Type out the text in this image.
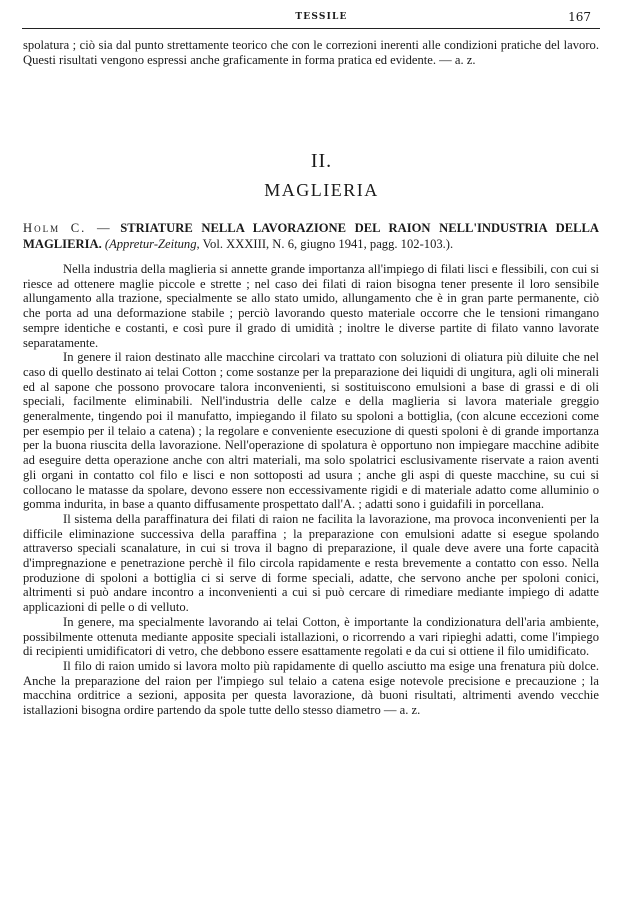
TESSILE	167

spolatura ; ciò sia dal punto strettamente teorico che con le correzioni inerenti alle condizioni pratiche del lavoro. Questi risultati vengono espressi anche graficamente in forma pratica ed evidente. — a. z.

II.
MAGLIERIA
Holm C. — STRIATURE NELLA LAVORAZIONE DEL RAION NELL'INDUSTRIA DELLA MAGLIERIA. (Appretur-Zeitung, Vol. XXXIII, N. 6, giugno 1941, pagg. 102-103.).

Nella industria della maglieria si annette grande importanza all'impiego di filati lisci e flessibili, con cui si riesce ad ottenere maglie piccole e strette ; nel caso dei filati di raion bisogna tener presente il loro sensibile allungamento alla trazione, specialmente se allo stato umido, allungamento che è in gran parte permanente, ciò che porta ad una deformazione stabile ; perciò lavorando questo materiale occorre che le tensioni rimangano sempre identiche e costanti, e così pure il grado di umidità ; inoltre le diverse partite di filato vanno lavorate separatamente.

In genere il raion destinato alle macchine circolari va trattato con soluzioni di oliatura più diluite che nel caso di quello destinato ai telai Cotton ; come sostanze per la preparazione dei liquidi di ungitura, agli oli minerali ed al sapone che possono provocare talora inconvenienti, si sostituiscono emulsioni a base di grassi e di oli speciali, facilmente eliminabili. Nell'industria delle calze e della maglieria si lavora materiale greggio generalmente, tingendo poi il manufatto, impiegando il filato su spoloni a bottiglia, (con alcune eccezioni come per esempio per il telaio a catena) ; la regolare e conveniente esecuzione di questi spoloni è di grande importanza per la buona riuscita della lavorazione. Nell'operazione di spolatura è opportuno non impiegare macchine adibite ad eseguire detta operazione anche con altri materiali, ma solo spolatrici esclusivamente riservate a raion aventi gli organi in contatto col filo e lisci e non sottoposti ad usura ; anche gli aspi di queste macchine, su cui si collocano le matasse da spolare, devono essere non eccessivamente rigidi e di materiale adatto come alluminio o gomma indurita, in base a quanto diffusamente prospettato dall'A. ; adatti sono i guidafili in porcellana.

Il sistema della paraffinatura dei filati di raion ne facilita la lavorazione, ma provoca inconvenienti per la difficile eliminazione successiva della paraffina ; la preparazione con emulsioni adatte si esegue spolando attraverso speciali scanalature, in cui si trova il bagno di preparazione, il quale deve avere una forte capacità d'impregnazione e penetrazione perchè il filo circola rapidamente e resta brevemente a contatto con esso. Nella produzione di spoloni a bottiglia ci si serve di forme speciali, adatte, che servono anche per spoloni conici, altrimenti si può andare incontro a inconvenienti a cui si può cercare di rimediare mediante impiego di adatte applicazioni di pelle o di velluto.

In genere, ma specialmente lavorando ai telai Cotton, è importante la condizionatura dell'aria ambiente, possibilmente ottenuta mediante apposite speciali istallazioni, o ricorrendo a vari ripieghi adatti, come l'impiego di recipienti umidificatori di vetro, che debbono essere esattamente regolati e da cui si ottiene il filo umidificato.

Il filo di raion umido si lavora molto più rapidamente di quello asciutto ma esige una frenatura più dolce. Anche la preparazione del raion per l'impiego sul telaio a catena esige notevole precisione e precauzione ; la macchina orditrice a sezioni, apposita per questa lavorazione, dà buoni risultati, altrimenti avendo vecchie istallazioni bisogna ordire partendo da spole tutte dello stesso diametro — a. z.
